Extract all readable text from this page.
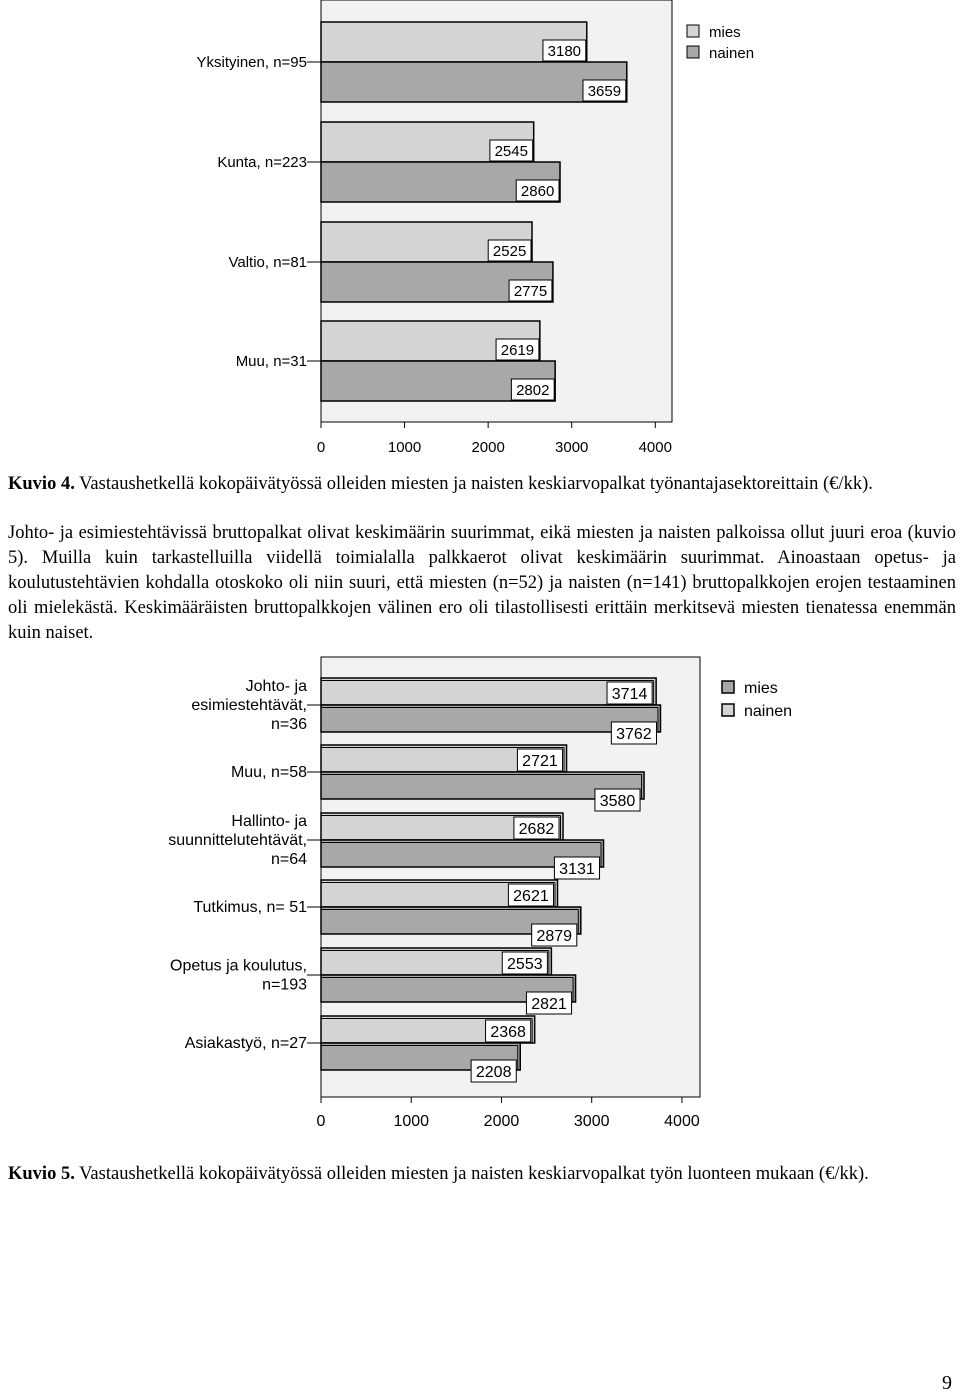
3180
3659
Yksityinen, n=95
2545
2860
Kunta, n=223
2525
2775
Valtio, n=81
2619
2802
Muu, n=31
0	1000	2000	3000	4000
mies
nainen
3714
3762
Johto- ja
esimiestehtävät,
n=36
2721
3580
Muu, n=58
2682
3131
Hallinto- ja
suunnittelutehtävät,
n=64
2621
2879
Tutkimus, n= 51
2553
2821
Opetus ja koulutus,
n=193
2368
2208
Asiakastyö, n=27
0	1000	2000	3000	4000
mies
nainen
Kuvio 4. Vastaushetkellä kokopäivätyössä olleiden miesten ja naisten keskiarvopalkat työnantajasektoreittain (€/kk).

Johto- ja esimiestehtävissä bruttopalkat olivat keskimäärin suurimmat, eikä miesten ja naisten palkoissa ollut juuri eroa (kuvio 5). Muilla kuin tarkastelluilla viidellä toimialalla palkkaerot olivat keskimäärin suurimmat. Ainoastaan opetus- ja koulutustehtävien kohdalla otoskoko oli niin suuri, että miesten (n=52) ja naisten (n=141) bruttopalkkojen erojen testaaminen oli mielekästä. Keskimääräisten bruttopalkkojen välinen ero oli tilastollisesti erittäin merkitsevä miesten tienatessa enemmän kuin naiset.

Kuvio 5. Vastaushetkellä kokopäivätyössä olleiden miesten ja naisten keskiarvopalkat työn luonteen mukaan (€/kk).
9
